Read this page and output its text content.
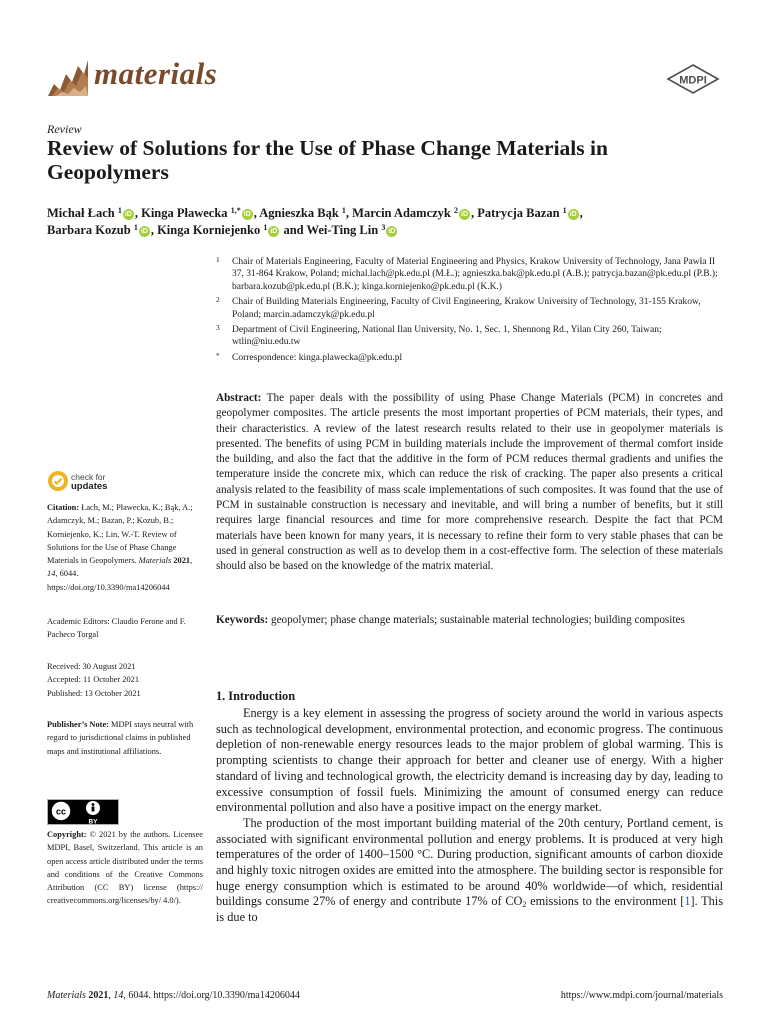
materials	MDPI
Review
Review of Solutions for the Use of Phase Change Materials in Geopolymers
Michał Łach $^1$ iD , Kinga Pławecka $^{1,*}$ iD , Agnieszka Bąk $^1$, Marcin Adamczyk $^2$ iD , Patrycja Bazan $^1$ iD ,
Barbara Kozub $^1$ iD , Kinga Korniejenko $^1$ iD and Wei-Ting Lin $^3$ iD
1 Chair of Materials Engineering, Faculty of Material Engineering and Physics, Krakow University of Technology, Jana Pawła II 37, 31-864 Krakow, Poland; michal.lach@pk.edu.pl (M.Ł.); agnieszka.bak@pk.edu.pl (A.B.); patrycja.bazan@pk.edu.pl (P.B.); barbara.kozub@pk.edu.pl (B.K.); kinga.korniejenko@pk.edu.pl (K.K.)
2 Chair of Building Materials Engineering, Faculty of Civil Engineering, Krakow University of Technology, 31-155 Krakow, Poland; marcin.adamczyk@pk.edu.pl
3 Department of Civil Engineering, National Ilan University, No. 1, Sec. 1, Shennong Rd., Yilan City 260, Taiwan; wtlin@niu.edu.tw
* Correspondence: kinga.plawecka@pk.edu.pl
Abstract: The paper deals with the possibility of using Phase Change Materials (PCM) in concretes and geopolymer composites. The article presents the most important properties of PCM materials, their types, and their characteristics. A review of the latest research results related to their use in geopolymer materials is presented. The benefits of using PCM in building materials include the improvement of thermal comfort inside the building, and also the fact that the additive in the form of PCM reduces thermal gradients and unifies the temperature inside the concrete mix, which can reduce the risk of cracking. The paper also presents a critical analysis related to the feasibility of mass scale implementations of such composites. It was found that the use of PCM in sustainable construction is necessary and inevitable, and will bring a number of benefits, but it still requires large financial resources and time for more comprehensive research. Despite the fact that PCM materials have been known for many years, it is necessary to refine their form to very stable phases that can be used in general construction as well as to develop them in a cost-effective form. The selection of these materials should also be based on the knowledge of the matrix material.
Keywords: geopolymer; phase change materials; sustainable material technologies; building composites
check for
updates
Citation: Łach, M.; Pławecka, K.; Bąk, A.; Adamczyk, M.; Bazan, P.; Kozub, B.; Korniejenko, K.; Lin, W.-T. Review of Solutions for the Use of Phase Change Materials in Geopolymers. Materials 2021, 14, 6044. https://doi.org/10.3390/ma14206044
Academic Editors: Claudio Ferone and F. Pacheco Torgal
Received: 30 August 2021
Accepted: 11 October 2021
Published: 13 October 2021
Publisher’s Note: MDPI stays neutral with regard to jurisdictional claims in published maps and institutional affiliations.
cc
BY
Copyright: © 2021 by the authors. Licensee MDPI, Basel, Switzerland. This article is an open access article distributed under the terms and conditions of the Creative Commons Attribution (CC BY) license (https:// creativecommons.org/licenses/by/ 4.0/).
1. Introduction

Energy is a key element in assessing the progress of society around the world in various aspects such as technological development, environmental protection, and economic progress. The continuous depletion of non-renewable energy resources leads to the major problem of global warming. This is prompting scientists to change their approach for better and cleaner use of energy. With a higher standard of living and technological growth, the electricity demand is increasing day by day, leading to excessive consumption of fossil fuels. Minimizing the amount of consumed energy can reduce environmental pollution and also have a positive impact on the energy market.

The production of the most important building material of the 20th century, Portland cement, is associated with significant environmental pollution and energy problems. It is produced at very high temperatures of the order of 1400–1500 °C. During production, significant amounts of carbon dioxide and highly toxic nitrogen oxides are emitted into the atmosphere. The building sector is responsible for huge energy consumption which is estimated to be around 40% worldwide—of which, residential buildings consume 27% of energy and contribute 17% of $CO_2$ emissions to the environment [1]. This is due to

Materials 2021, 14, 6044. https://doi.org/10.3390/ma14206044	https://www.mdpi.com/journal/materials
